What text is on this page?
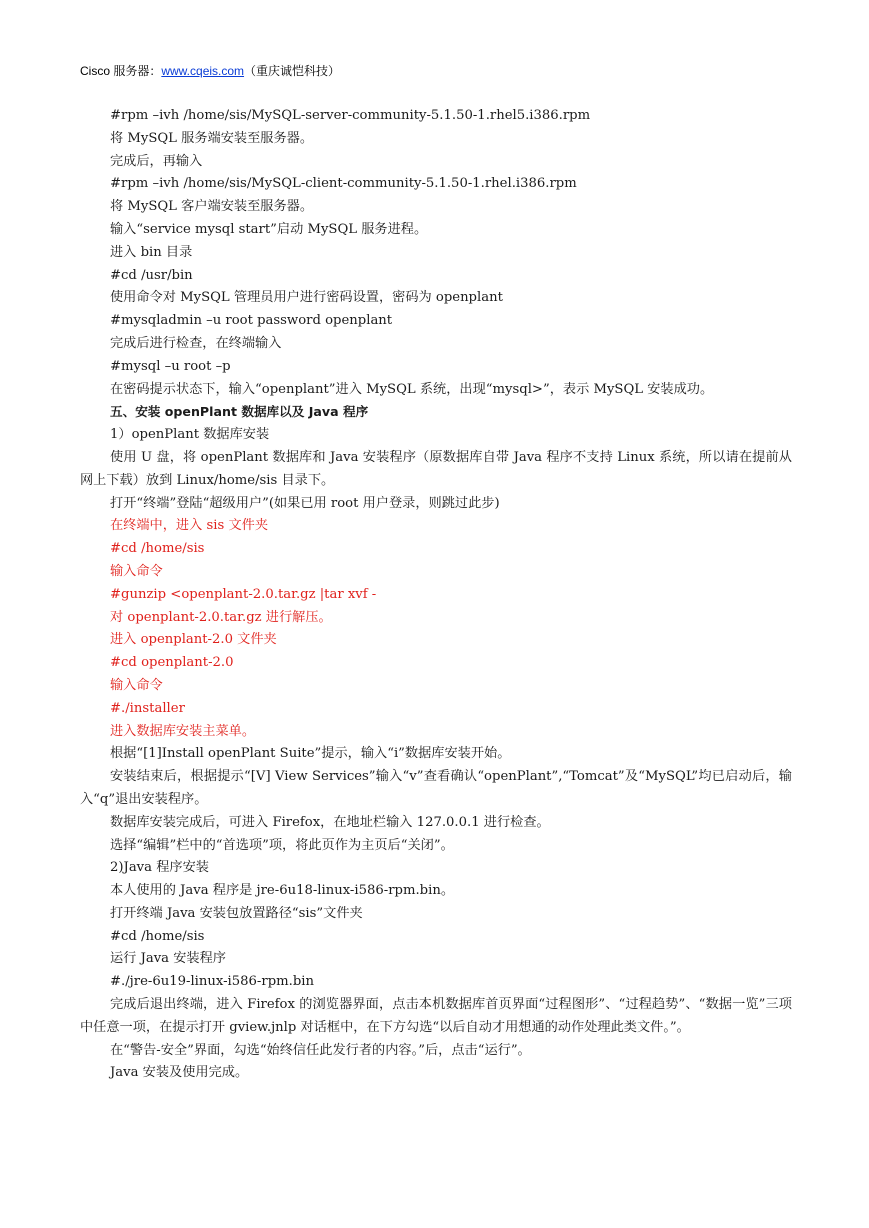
Cisco 服务器：www.cqeis.com（重庆诚恺科技）

#rpm –ivh /home/sis/MySQL-server-community-5.1.50-1.rhel5.i386.rpm

将 MySQL 服务端安装至服务器。

完成后，再输入

#rpm –ivh /home/sis/MySQL-client-community-5.1.50-1.rhel.i386.rpm

将 MySQL 客户端安装至服务器。

输入“service mysql start”启动 MySQL 服务进程。

进入 bin 目录

#cd /usr/bin

使用命令对 MySQL 管理员用户进行密码设置，密码为 openplant

#mysqladmin –u root password openplant

完成后进行检查，在终端输入

#mysql –u root –p

在密码提示状态下，输入“openplant”进入 MySQL 系统，出现“mysql>”，表示 MySQL 安装成功。

五、安装 openPlant 数据库以及 Java 程序

1）openPlant 数据库安装

使用 U 盘，将 openPlant 数据库和 Java 安装程序（原数据库自带 Java 程序不支持 Linux 系统，所以请在提前从网上下载）放到 Linux/home/sis 目录下。

打开“终端”登陆“超级用户”(如果已用 root 用户登录，则跳过此步)

在终端中，进入 sis 文件夹

#cd /home/sis

输入命令

#gunzip <openplant-2.0.tar.gz |tar xvf -

对 openplant-2.0.tar.gz 进行解压。

进入 openplant-2.0 文件夹

#cd openplant-2.0

输入命令

#./installer

进入数据库安装主菜单。

根据“[1]Install openPlant Suite”提示，输入“i”数据库安装开始。

安装结束后，根据提示“[V] View Services”输入“v”查看确认“openPlant”,“Tomcat”及“MySQL”均已启动后，输入“q”退出安装程序。

数据库安装完成后，可进入 Firefox，在地址栏输入 127.0.0.1 进行检查。

选择“编辑”栏中的“首选项”项，将此页作为主页后“关闭”。

2)Java 程序安装

本人使用的 Java 程序是 jre-6u18-linux-i586-rpm.bin。

打开终端 Java 安装包放置路径“sis”文件夹

#cd /home/sis

运行 Java 安装程序

#./jre-6u19-linux-i586-rpm.bin

完成后退出终端，进入 Firefox 的浏览器界面，点击本机数据库首页界面“过程图形”、“过程趋势”、“数据一览”三项中任意一项，在提示打开 gview.jnlp 对话框中，在下方勾选“以后自动才用想通的动作处理此类文件。”。

在“警告-安全”界面，勾选“始终信任此发行者的内容。”后，点击“运行”。

Java 安装及使用完成。
